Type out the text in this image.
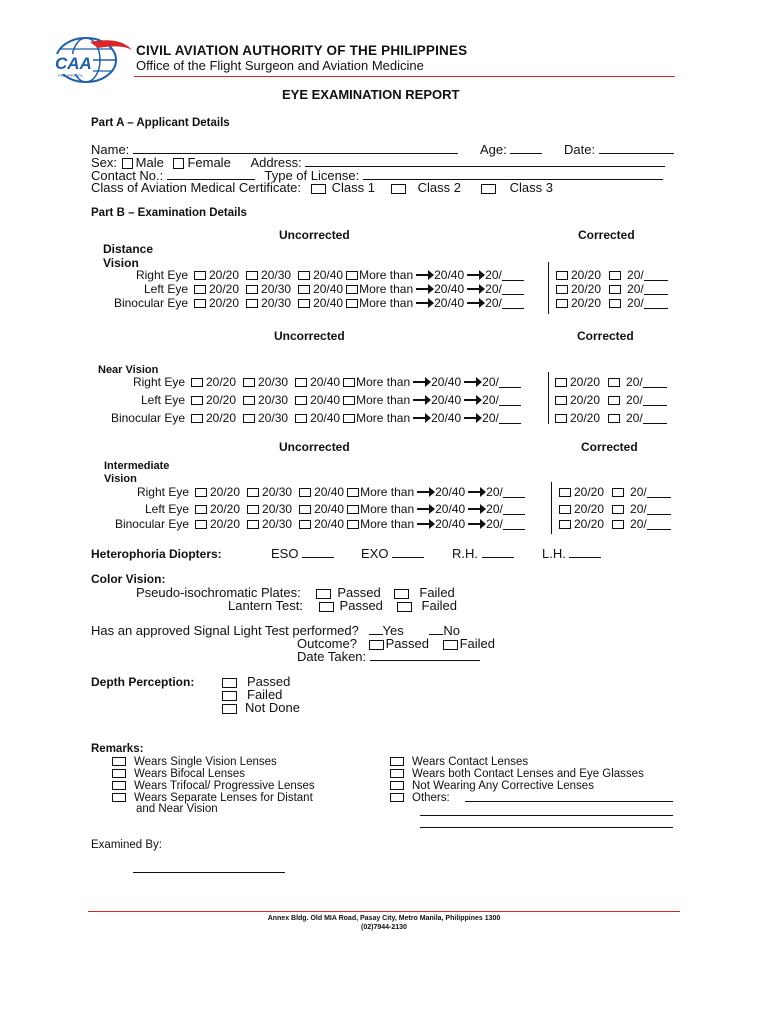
CAA
PHILIPPINES
CIVIL AVIATION AUTHORITY OF THE PHILIPPINES
Office of the Flight Surgeon and Aviation Medicine
EYE EXAMINATION REPORT
Part A – Applicant Details
Name:	Age:	Date:
Sex: Male Female Address:
Contact No.:	Type of License:
Class of Aviation Medical Certificate: Class 1	Class 2	Class 3
Part B – Examination Details
Uncorrected	Corrected
Distance
Vision
Right Eye 20/20 20/30 20/40 More than 20/40 20/	20/20 20/
Left Eye 20/20 20/30 20/40 More than 20/40 20/	20/20 20/
Binocular Eye 20/20 20/30 20/40 More than 20/40 20/	20/20 20/
Uncorrected	Corrected
Near Vision
Right Eye 20/20 20/30 20/40 More than 20/40 20/	20/20 20/
Left Eye 20/20 20/30 20/40 More than 20/40 20/	20/20 20/
Binocular Eye 20/20 20/30 20/40 More than 20/40 20/	20/20 20/
Uncorrected	Corrected
Intermediate
Vision
Right Eye 20/20 20/30 20/40 More than 20/40 20/	20/20 20/
Left Eye 20/20 20/30 20/40 More than 20/40 20/	20/20 20/
Binocular Eye 20/20 20/30 20/40 More than 20/40 20/	20/20 20/
Heterophoria Diopters:	ESO	EXO	R.H.	L.H.
Color Vision:
Pseudo-isochromatic Plates:	Passed	Failed
Lantern Test:	Passed	Failed
Has an approved Signal Light Test performed? Yes	No
Outcome? Passed Failed
Date Taken:
Depth Perception:	Passed
Failed
Not Done
Remarks:
Wears Single Vision Lenses
Wears Bifocal Lenses
Wears Trifocal/ Progressive Lenses
Wears Separate Lenses for Distant
and Near Vision
Wears Contact Lenses
Wears both Contact Lenses and Eye Glasses
Not Wearing Any Corrective Lenses
Others:
Examined By:
Annex Bldg. Old MIA Road, Pasay City, Metro Manila, Philippines 1300
(02)7944-2130
